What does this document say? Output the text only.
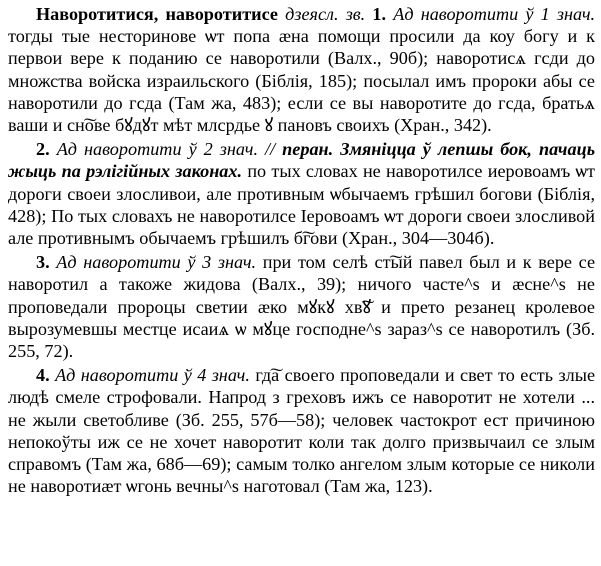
Наворотитися, наворотитисе дзеясл. зв. 1. Ад наворотити ў 1 знач. тогды тые несторинове ѡт попа ӕна помощи просили да коу богу и к первои вере к поданию се наворотили (Валх., 90б); наворотисѧ гсди до множства войска израильского (Біблія, 185); посылал имъ пророки абы се наворотили до гсда (Там жа, 483); если се вы наворотите до гсда, братьѧ ваши и сн͠ове бꙋдꙋт мѣт млсрдье ꙋ пановъ своихъ (Хран., 342).

2. Ад наворотити ў 2 знач. // перан. Змяніцца ў лепшы бок, пачаць жыць па рэлігійных законах. по тых словах не наворотилсе иеровоамъ ѡт дороги своеи злосливои, але противным ѡбычаемъ грѣшил богови (Біблія, 428); По тых словахъ не наворотилсе Ιеровоамъ ѡт дороги своеи злосливой але противнымъ обычаемъ грѣшилъ б͠гови (Хран., 304—304б).

3. Ад наворотити ў 3 знач. при том селѣ ст͠ый павел был и к вере се наворотил а такоже жидова (Валх., 39); ничого часте^s и ӕсне^s не проповедали пророцы светии ӕко мꙋкꙋ хв͠ꙋ и прето резанец кролевое вырозумевшы местце исаиѧ ѡ мꙋце господне^s зараз^s се наворотилъ (Зб. 255, 72).

4. Ад наворотити ў 4 знач. гд͠а своего проповедали и свет то есть злые людѣ смеле строфовали. Напрод з греховъ ижъ се наворотит не хотели ... не жыли светобливе (Зб. 255, 57б—58); человек частокрот ест причиною непокоўты иж се не хочет наворотит коли так долго призвычаил се злым справомъ (Там жа, 68б—69); самым толко ангелом злым которые се николи не наворотиӕт ѡгонь вечны^s наготовал (Там жа, 123).
